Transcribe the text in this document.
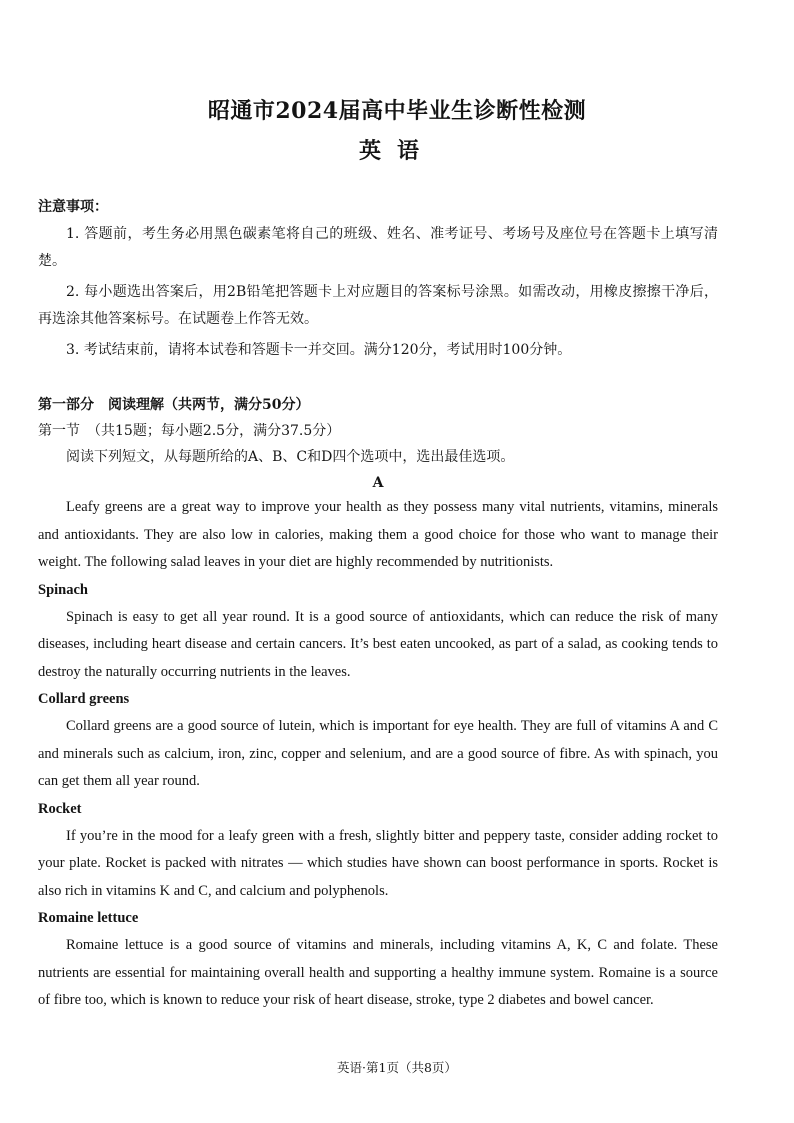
昭通市2024届高中毕业生诊断性检测
英语
注意事项：
1. 答题前，考生务必用黑色碳素笔将自己的班级、姓名、准考证号、考场号及座位号在答题卡上填写清楚。
2. 每小题选出答案后，用2B铅笔把答题卡上对应题目的答案标号涂黑。如需改动，用橡皮擦擦干净后，再选涂其他答案标号。在试题卷上作答无效。
3. 考试结束前，请将本试卷和答题卡一并交回。满分120分，考试用时100分钟。
第一部分　阅读理解（共两节，满分50分）
第一节　（共15题；每小题2.5分，满分37.5分）
阅读下列短文，从每题所给的A、B、C和D四个选项中，选出最佳选项。
A

Leafy greens are a great way to improve your health as they possess many vital nutrients, vitamins, minerals and antioxidants. They are also low in calories, making them a good choice for those who want to manage their weight. The following salad leaves in your diet are highly recommended by nutritionists.

Spinach

Spinach is easy to get all year round. It is a good source of antioxidants, which can reduce the risk of many diseases, including heart disease and certain cancers. It’s best eaten uncooked, as part of a salad, as cooking tends to destroy the naturally occurring nutrients in the leaves.

Collard greens

Collard greens are a good source of lutein, which is important for eye health. They are full of vitamins A and C and minerals such as calcium, iron, zinc, copper and selenium, and are a good source of fibre. As with spinach, you can get them all year round.

Rocket

If you’re in the mood for a leafy green with a fresh, slightly bitter and peppery taste, consider adding rocket to your plate. Rocket is packed with nitrates — which studies have shown can boost performance in sports. Rocket is also rich in vitamins K and C, and calcium and polyphenols.

Romaine lettuce

Romaine lettuce is a good source of vitamins and minerals, including vitamins A, K, C and folate. These nutrients are essential for maintaining overall health and supporting a healthy immune system. Romaine is a source of fibre too, which is known to reduce your risk of heart disease, stroke, type 2 diabetes and bowel cancer.

英语·第1页（共8页）
